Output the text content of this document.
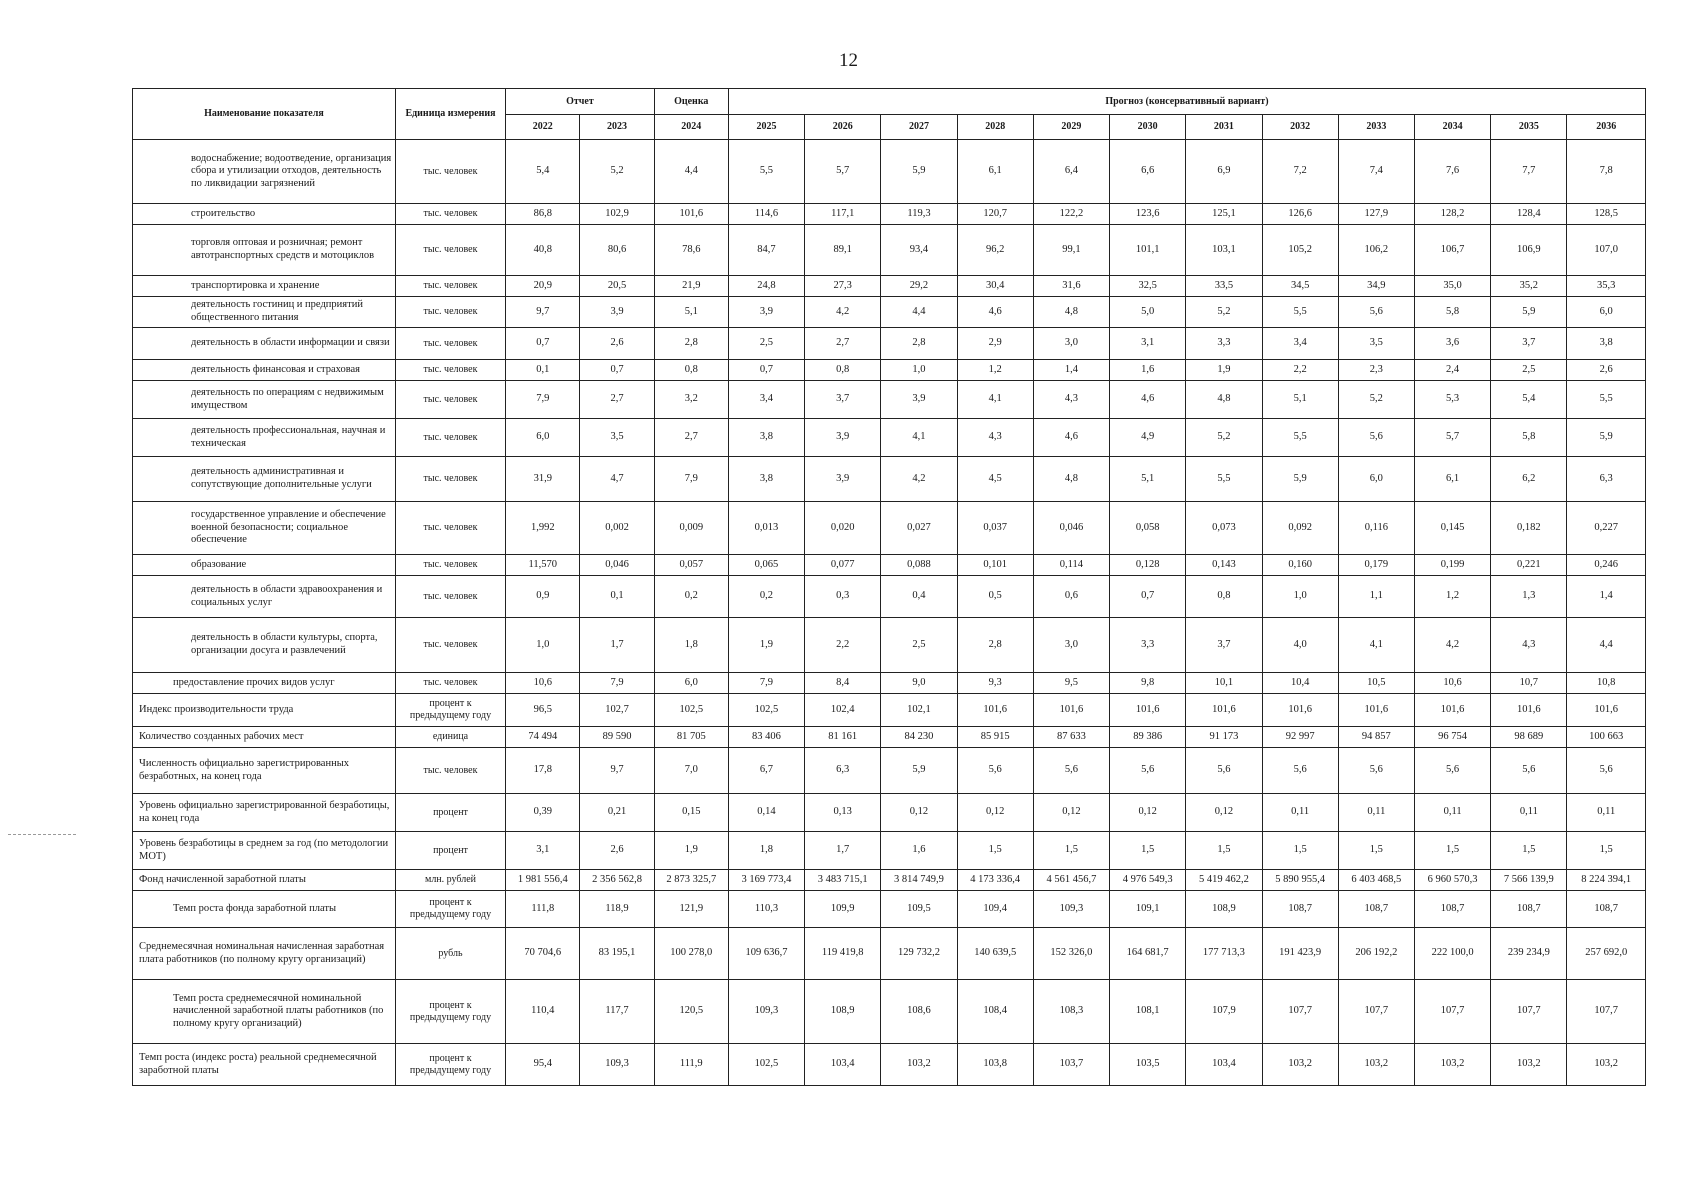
12
Наименование показателя	Единица измерения	Отчет		Оценка	Прогноз (консервативный вариант)											
		2022	2023	2024	2025	2026	2027	2028	2029	2030	2031	2032	2033	2034	2035	2036
водоснабжение; водоотведение, организация сбора и утилизации отходов, деятельность по ликвидации загрязнений	тыс. человек	5,4	5,2	4,4	5,5	5,7	5,9	6,1	6,4	6,6	6,9	7,2	7,4	7,6	7,7	7,8
строительство	тыс. человек	86,8	102,9	101,6	114,6	117,1	119,3	120,7	122,2	123,6	125,1	126,6	127,9	128,2	128,4	128,5
торговля оптовая и розничная; ремонт автотранспортных средств и мотоциклов	тыс. человек	40,8	80,6	78,6	84,7	89,1	93,4	96,2	99,1	101,1	103,1	105,2	106,2	106,7	106,9	107,0
транспортировка и хранение	тыс. человек	20,9	20,5	21,9	24,8	27,3	29,2	30,4	31,6	32,5	33,5	34,5	34,9	35,0	35,2	35,3
деятельность гостиниц и предприятий общественного питания	тыс. человек	9,7	3,9	5,1	3,9	4,2	4,4	4,6	4,8	5,0	5,2	5,5	5,6	5,8	5,9	6,0
деятельность в области информации и связи	тыс. человек	0,7	2,6	2,8	2,5	2,7	2,8	2,9	3,0	3,1	3,3	3,4	3,5	3,6	3,7	3,8
деятельность финансовая и страховая	тыс. человек	0,1	0,7	0,8	0,7	0,8	1,0	1,2	1,4	1,6	1,9	2,2	2,3	2,4	2,5	2,6
деятельность по операциям с недвижимым имуществом	тыс. человек	7,9	2,7	3,2	3,4	3,7	3,9	4,1	4,3	4,6	4,8	5,1	5,2	5,3	5,4	5,5
деятельность профессиональная, научная и техническая	тыс. человек	6,0	3,5	2,7	3,8	3,9	4,1	4,3	4,6	4,9	5,2	5,5	5,6	5,7	5,8	5,9
деятельность административная и сопутствующие дополнительные услуги	тыс. человек	31,9	4,7	7,9	3,8	3,9	4,2	4,5	4,8	5,1	5,5	5,9	6,0	6,1	6,2	6,3
государственное управление и обеспечение военной безопасности; социальное обеспечение	тыс. человек	1,992	0,002	0,009	0,013	0,020	0,027	0,037	0,046	0,058	0,073	0,092	0,116	0,145	0,182	0,227
образование	тыс. человек	11,570	0,046	0,057	0,065	0,077	0,088	0,101	0,114	0,128	0,143	0,160	0,179	0,199	0,221	0,246
деятельность в области здравоохранения и социальных услуг	тыс. человек	0,9	0,1	0,2	0,2	0,3	0,4	0,5	0,6	0,7	0,8	1,0	1,1	1,2	1,3	1,4
деятельность в области культуры, спорта, организации досуга и развлечений	тыс. человек	1,0	1,7	1,8	1,9	2,2	2,5	2,8	3,0	3,3	3,7	4,0	4,1	4,2	4,3	4,4
предоставление прочих видов услуг	тыс. человек	10,6	7,9	6,0	7,9	8,4	9,0	9,3	9,5	9,8	10,1	10,4	10,5	10,6	10,7	10,8
Индекс производительности труда	процент к предыдущему году	96,5	102,7	102,5	102,5	102,4	102,1	101,6	101,6	101,6	101,6	101,6	101,6	101,6	101,6	101,6
Количество созданных рабочих мест	единица	74 494	89 590	81 705	83 406	81 161	84 230	85 915	87 633	89 386	91 173	92 997	94 857	96 754	98 689	100 663
Численность официально зарегистрированных безработных, на конец года	тыс. человек	17,8	9,7	7,0	6,7	6,3	5,9	5,6	5,6	5,6	5,6	5,6	5,6	5,6	5,6	5,6
Уровень официально зарегистрированной безработицы, на конец года	процент	0,39	0,21	0,15	0,14	0,13	0,12	0,12	0,12	0,12	0,12	0,11	0,11	0,11	0,11	0,11
Уровень безработицы в среднем за год (по методологии МОТ)	процент	3,1	2,6	1,9	1,8	1,7	1,6	1,5	1,5	1,5	1,5	1,5	1,5	1,5	1,5	1,5
Фонд начисленной заработной платы	млн. рублей	1 981 556,4	2 356 562,8	2 873 325,7	3 169 773,4	3 483 715,1	3 814 749,9	4 173 336,4	4 561 456,7	4 976 549,3	5 419 462,2	5 890 955,4	6 403 468,5	6 960 570,3	7 566 139,9	8 224 394,1
Темп роста фонда заработной платы	процент к предыдущему году	111,8	118,9	121,9	110,3	109,9	109,5	109,4	109,3	109,1	108,9	108,7	108,7	108,7	108,7	108,7
Среднемесячная номинальная начисленная заработная плата работников (по полному кругу организаций)	рубль	70 704,6	83 195,1	100 278,0	109 636,7	119 419,8	129 732,2	140 639,5	152 326,0	164 681,7	177 713,3	191 423,9	206 192,2	222 100,0	239 234,9	257 692,0
Темп роста среднемесячной номинальной начисленной заработной платы работников (по полному кругу организаций)	процент к предыдущему году	110,4	117,7	120,5	109,3	108,9	108,6	108,4	108,3	108,1	107,9	107,7	107,7	107,7	107,7	107,7
Темп роста (индекс роста) реальной среднемесячной заработной платы	процент к предыдущему году	95,4	109,3	111,9	102,5	103,4	103,2	103,8	103,7	103,5	103,4	103,2	103,2	103,2	103,2	103,2
